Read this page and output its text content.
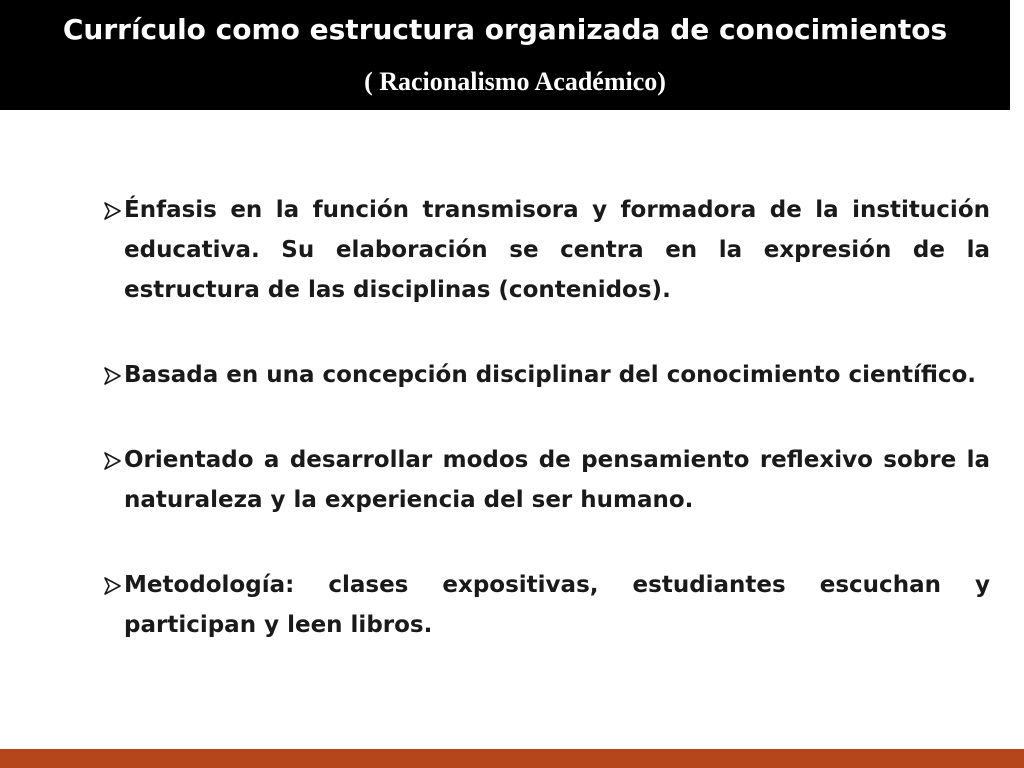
Currículo como estructura organizada de conocimientos
( Racionalismo Académico)
Énfasis en la función transmisora y formadora de la institución educativa. Su elaboración se centra en la expresión de la estructura de las disciplinas (contenidos).
Basada en una concepción disciplinar del conocimiento científico.
Orientado a desarrollar modos de pensamiento reflexivo sobre la naturaleza y la experiencia del ser humano.
Metodología: clases expositivas, estudiantes escuchan y participan y leen libros.
